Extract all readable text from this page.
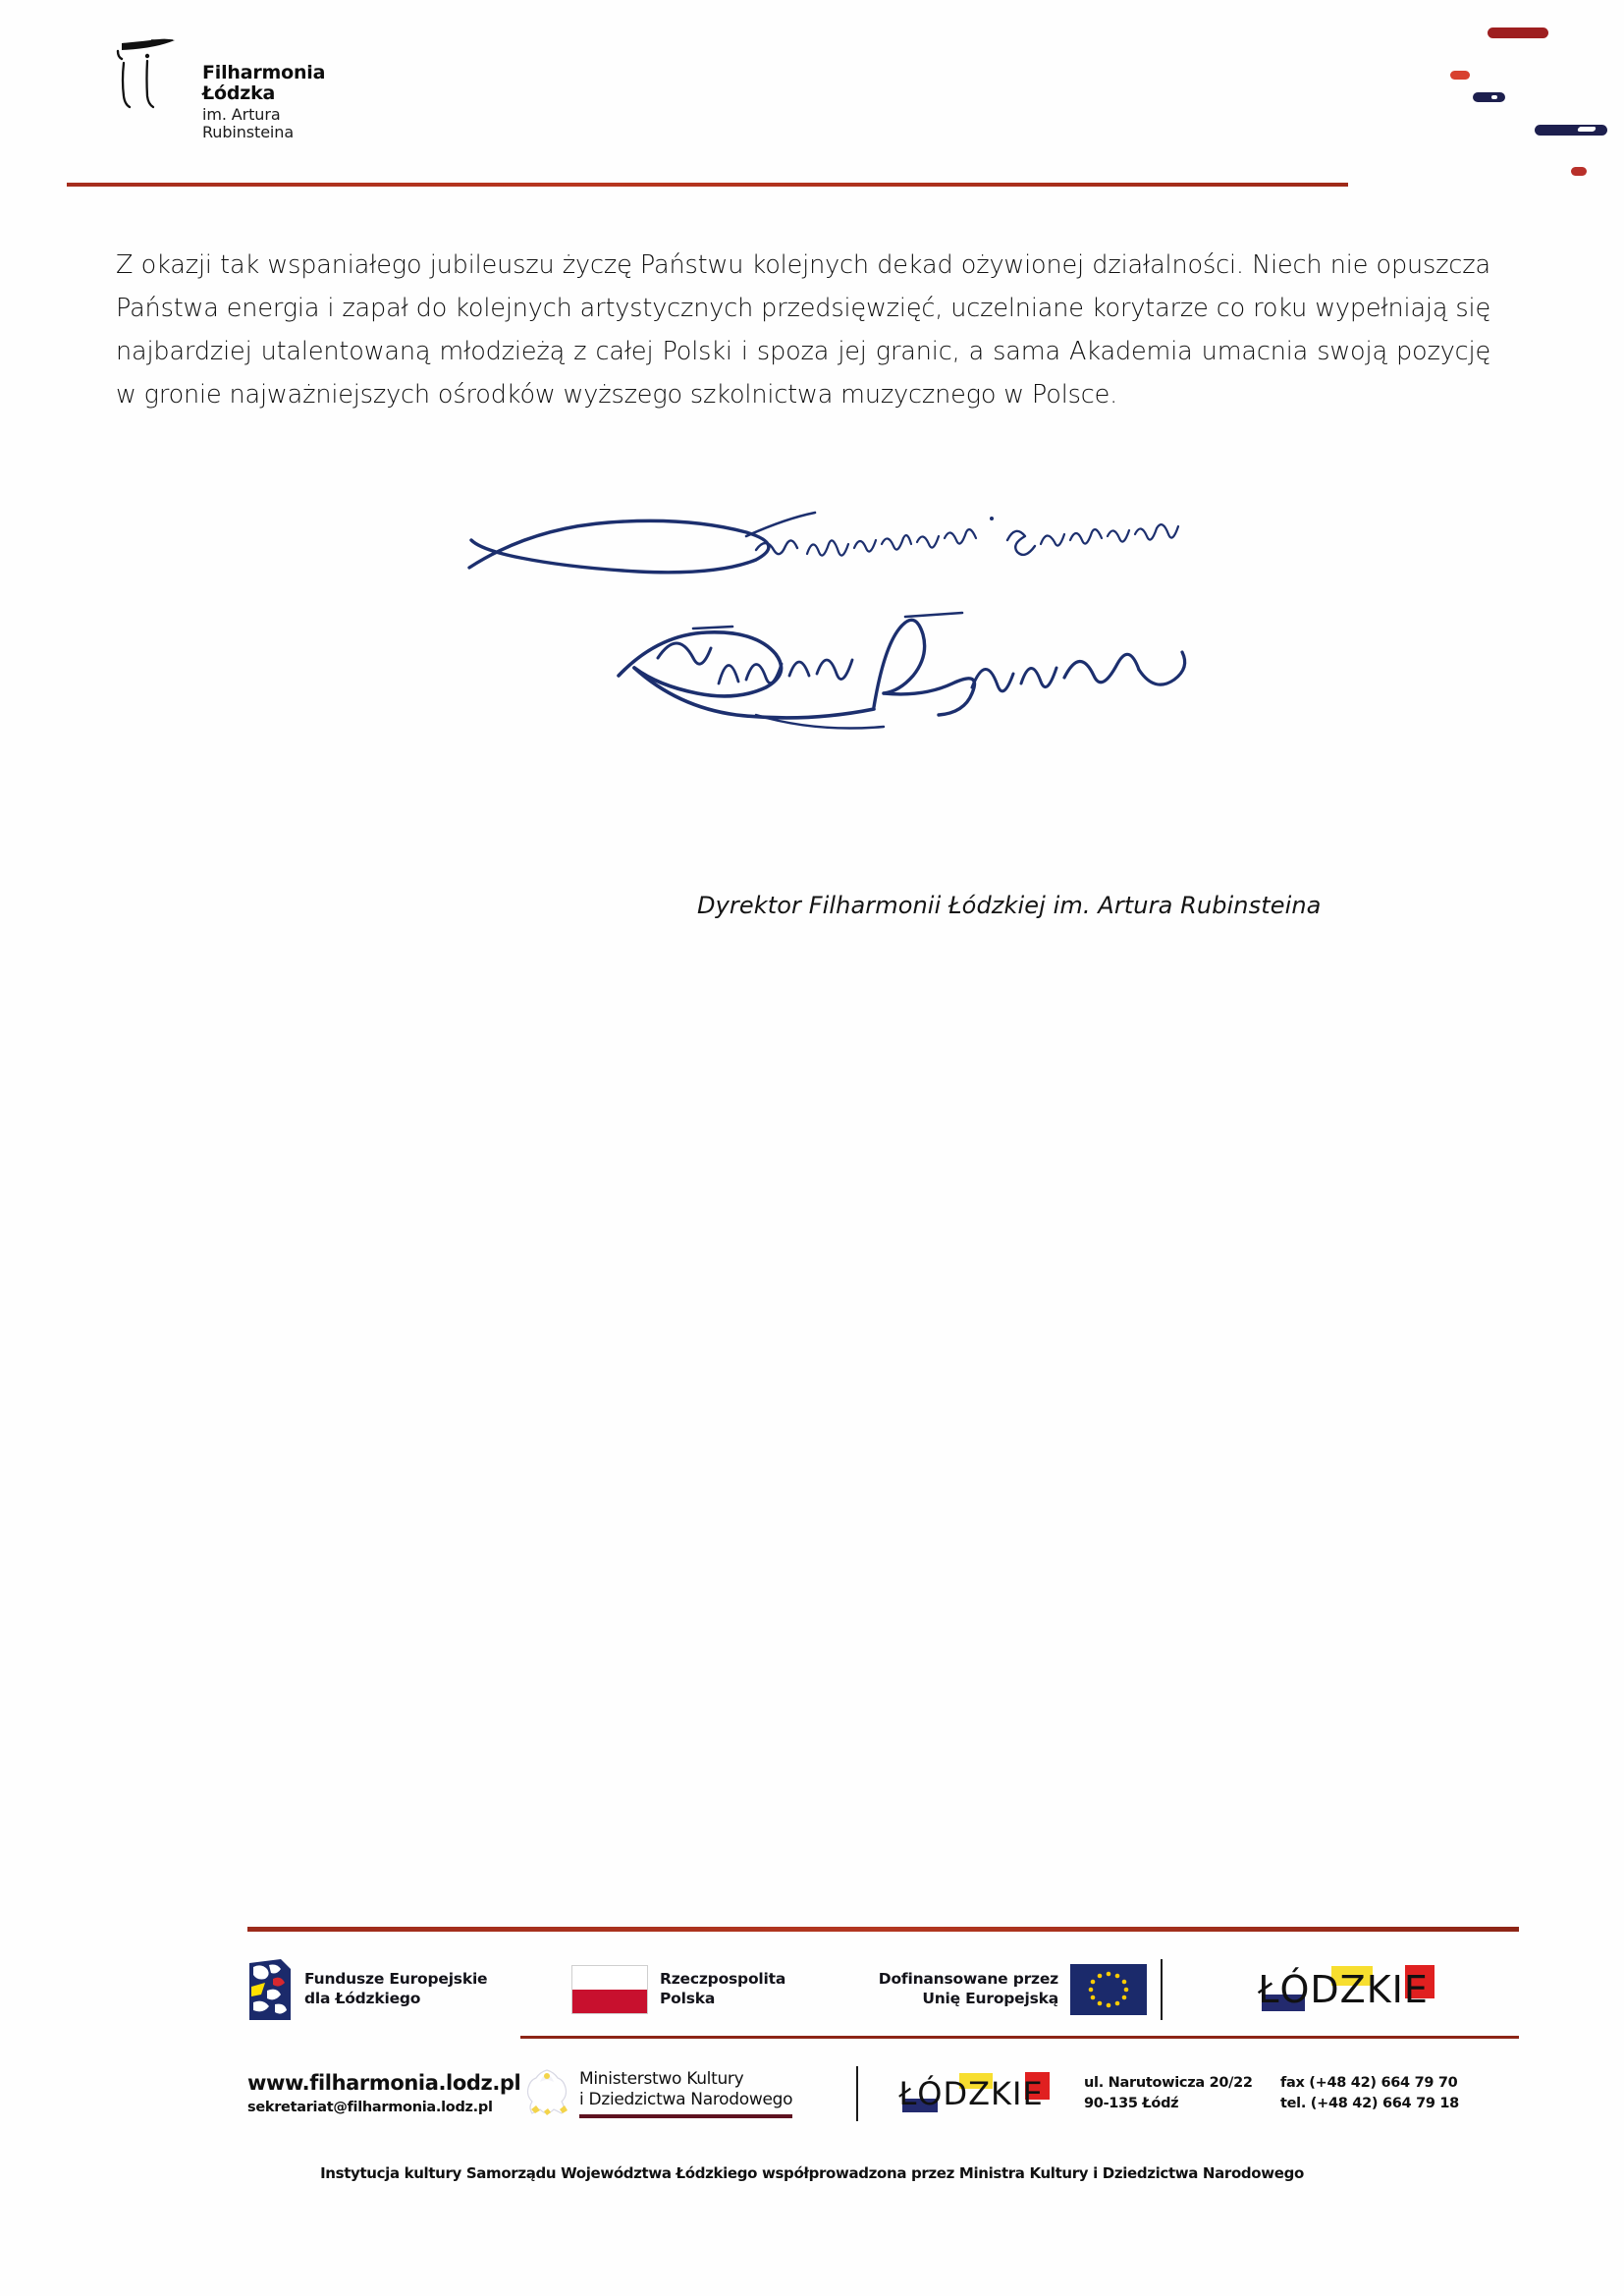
Filharmonia
Łódzka
im. Artura
Rubinsteina

Z okazji tak wspaniałego jubileuszu życzę Państwu kolejnych dekad ożywionej działalności. Niech nie opuszcza Państwa energia i zapał do kolejnych artystycznych przedsięwzięć, uczelniane korytarze co roku wypełniają się najbardziej utalentowaną młodzieżą z całej Polski i spoza jej granic, a sama Akademia umacnia swoją pozycję w gronie najważniejszych ośrodków wyższego szkolnictwa muzycznego w Polsce.

Dyrektor Filharmonii Łódzkiej im. Artura Rubinsteina
Fundusze Europejskie
dla Łódzkiego
Rzeczpospolita
Polska
Dofinansowane przez
Unię Europejską	ŁÓDZKIE
www.filharmonia.lodz.pl
sekretariat@filharmonia.lodz.pl
Ministerstwo Kultury
i Dziedzictwa Narodowego	ŁÓDZKIE	ul. Narutowicza 20/22
90-135 Łódź
fax (+48 42) 664 79 70
tel. (+48 42) 664 79 18
Instytucja kultury Samorządu Województwa Łódzkiego współprowadzona przez Ministra Kultury i Dziedzictwa Narodowego
